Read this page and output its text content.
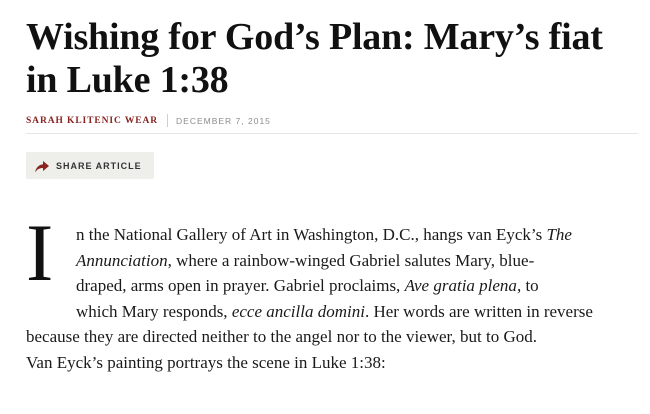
Wishing for God’s Plan: Mary’s fiat in Luke 1:38
SARAH KLITENIC WEAR DECEMBER 7, 2015
SHARE ARTICLE
I	n the National Gallery of Art in Washington, D.C., hangs van Eyck’s The
Annunciation, where a rainbow-winged Gabriel salutes Mary, blue-
draped, arms open in prayer. Gabriel proclaims, Ave gratia plena, to
which Mary responds, ecce ancilla domini. Her words are written in reverse
because they are directed neither to the angel nor to the viewer, but to God.
Van Eyck’s painting portrays the scene in Luke 1:38:
